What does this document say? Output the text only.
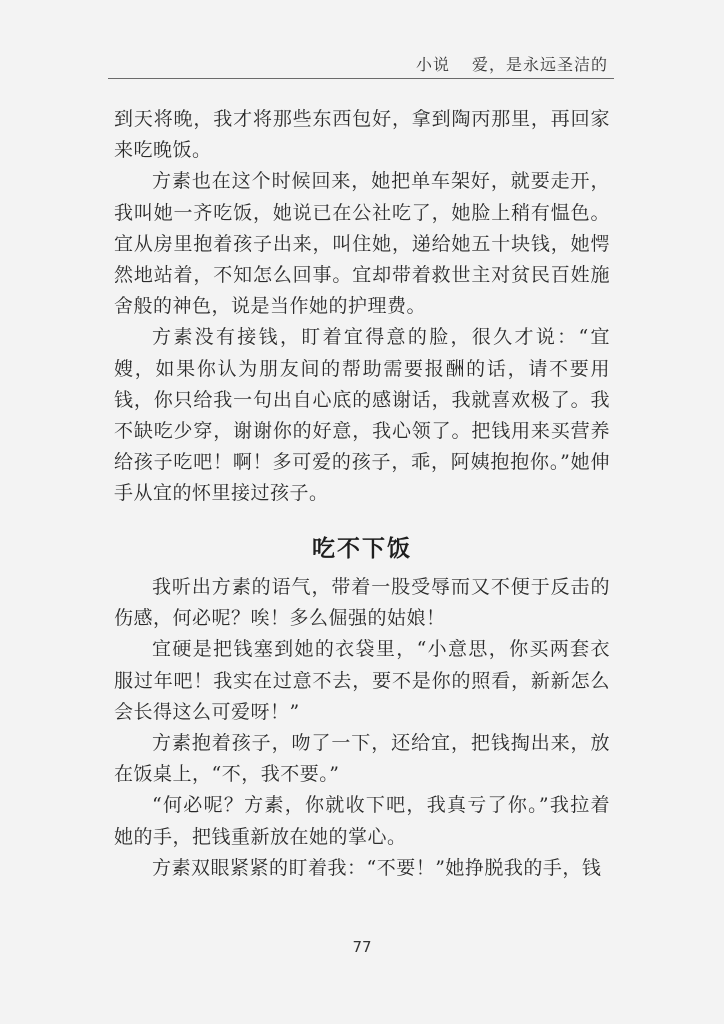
小说 爱，是永远圣洁的

到天将晚，我才将那些东西包好，拿到陶丙那里，再回家来吃晚饭。

方素也在这个时候回来，她把单车架好，就要走开，我叫她一齐吃饭，她说已在公社吃了，她脸上稍有愠色。宜从房里抱着孩子出来，叫住她，递给她五十块钱，她愕然地站着，不知怎么回事。宜却带着救世主对贫民百姓施舍般的神色，说是当作她的护理费。

方素没有接钱，盯着宜得意的脸，很久才说：“宜嫂，如果你认为朋友间的帮助需要报酬的话，请不要用钱，你只给我一句出自心底的感谢话，我就喜欢极了。我不缺吃少穿，谢谢你的好意，我心领了。把钱用来买营养给孩子吃吧！啊！多可爱的孩子，乖，阿姨抱抱你。”她伸手从宜的怀里接过孩子。

吃不下饭

我听出方素的语气，带着一股受辱而又不便于反击的伤感，何必呢？唉！多么倔强的姑娘！

宜硬是把钱塞到她的衣袋里，“小意思，你买两套衣服过年吧！我实在过意不去，要不是你的照看，新新怎么会长得这么可爱呀！”

方素抱着孩子，吻了一下，还给宜，把钱掏出来，放在饭桌上，“不，我不要。”

“何必呢？方素，你就收下吧，我真亏了你。”我拉着她的手，把钱重新放在她的掌心。

方素双眼紧紧的盯着我：“不要！”她挣脱我的手，钱

77
